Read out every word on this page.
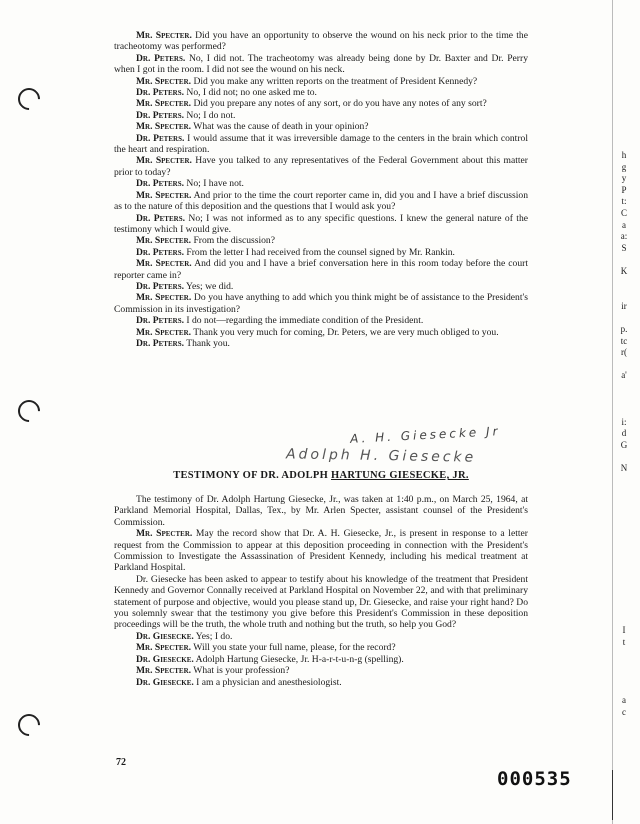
Mr. Specter. Did you have an opportunity to observe the wound on his neck prior to the time the tracheotomy was performed?

Dr. Peters. No, I did not. The tracheotomy was already being done by Dr. Baxter and Dr. Perry when I got in the room. I did not see the wound on his neck.

Mr. Specter. Did you make any written reports on the treatment of President Kennedy?

Dr. Peters. No, I did not; no one asked me to.

Mr. Specter. Did you prepare any notes of any sort, or do you have any notes of any sort?

Dr. Peters. No; I do not.

Mr. Specter. What was the cause of death in your opinion?

Dr. Peters. I would assume that it was irreversible damage to the centers in the brain which control the heart and respiration.

Mr. Specter. Have you talked to any representatives of the Federal Government about this matter prior to today?

Dr. Peters. No; I have not.

Mr. Specter. And prior to the time the court reporter came in, did you and I have a brief discussion as to the nature of this deposition and the questions that I would ask you?

Dr. Peters. No; I was not informed as to any specific questions. I knew the general nature of the testimony which I would give.

Mr. Specter. From the discussion?

Dr. Peters. From the letter I had received from the counsel signed by Mr. Rankin.

Mr. Specter. And did you and I have a brief conversation here in this room today before the court reporter came in?

Dr. Peters. Yes; we did.

Mr. Specter. Do you have anything to add which you think might be of assistance to the President's Commission in its investigation?

Dr. Peters. I do not—regarding the immediate condition of the President.

Mr. Specter. Thank you very much for coming, Dr. Peters, we are very much obliged to you.

Dr. Peters. Thank you.

A. H. Giesecke Jr
Adolph H. Giesecke
TESTIMONY OF DR. ADOLPH HARTUNG GIESECKE, JR.

The testimony of Dr. Adolph Hartung Giesecke, Jr., was taken at 1:40 p.m., on March 25, 1964, at Parkland Memorial Hospital, Dallas, Tex., by Mr. Arlen Specter, assistant counsel of the President's Commission.

Mr. Specter. May the record show that Dr. A. H. Giesecke, Jr., is present in response to a letter request from the Commission to appear at this deposition proceeding in connection with the President's Commission to Investigate the Assassination of President Kennedy, including his medical treatment at Parkland Hospital.

Dr. Giesecke has been asked to appear to testify about his knowledge of the treatment that President Kennedy and Governor Connally received at Parkland Hospital on November 22, and with that preliminary statement of purpose and objective, would you please stand up, Dr. Giesecke, and raise your right hand? Do you solemnly swear that the testimony you give before this President's Commission in these deposition proceedings will be the truth, the whole truth and nothing but the truth, so help you God?

Dr. Giesecke. Yes; I do.

Mr. Specter. Will you state your full name, please, for the record?

Dr. Giesecke. Adolph Hartung Giesecke, Jr. H-a-r-t-u-n-g (spelling).

Mr. Specter. What is your profession?

Dr. Giesecke. I am a physician and anesthesiologist.

h
g
y
P
t:
C
a
a:
S
K
ir
p.
tc
r(
a'
i:
d
G
N
I
t
a
c
72
000535
